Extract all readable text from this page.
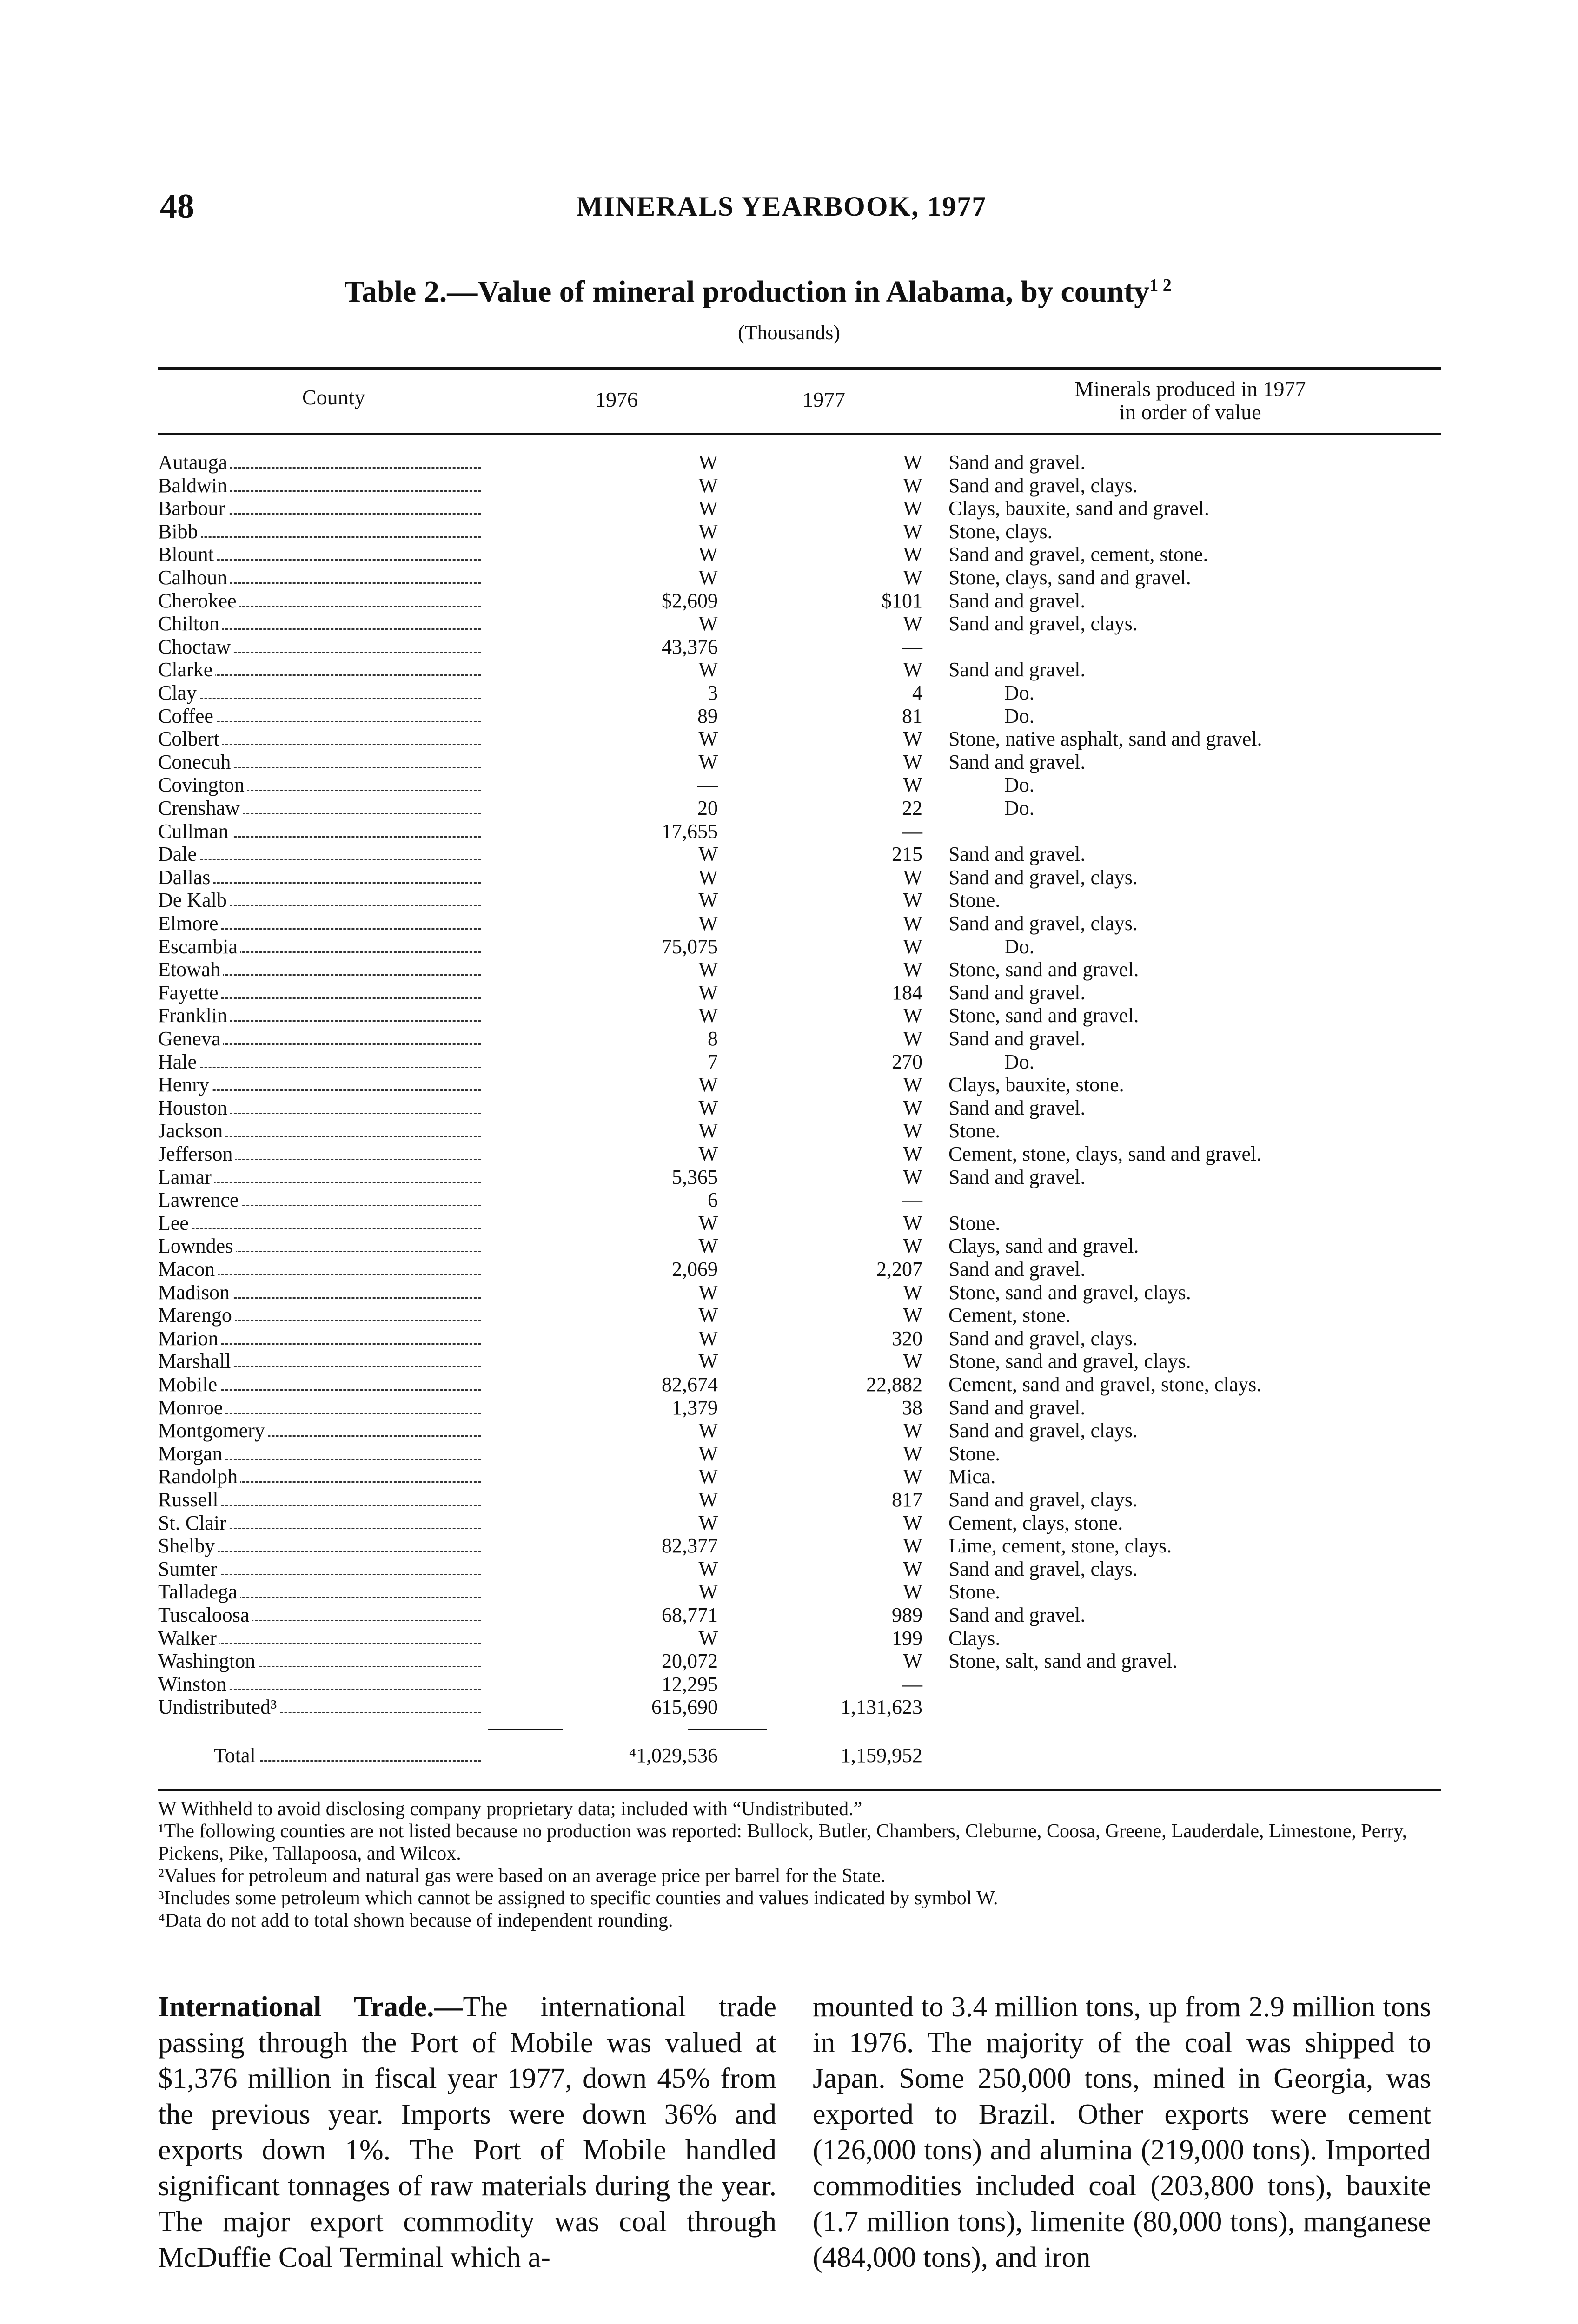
48	MINERALS YEARBOOK, 1977
Table 2.—Value of mineral production in Alabama, by county$^{1 2}$
(Thousands)
County	1976	1977	Minerals produced in 1977
in order of value
Autauga	W	W Sand and gravel.
Baldwin	W	W Sand and gravel, clays.
Barbour	W	W Clays, bauxite, sand and gravel.
Bibb	W	W Stone, clays.
Blount	W	W Sand and gravel, cement, stone.
Calhoun	W	W Stone, clays, sand and gravel.
Cherokee	$2,609	$101 Sand and gravel.
Chilton	W	W Sand and gravel, clays.
Choctaw	43,376	—
Clarke	W	W Sand and gravel.
Clay	3	4	Do.
Coffee	89	81	Do.
Colbert	W	W Stone, native asphalt, sand and gravel.
Conecuh	W	W Sand and gravel.
Covington	—	W	Do.
Crenshaw	20	22	Do.
Cullman	17,655	—
Dale	W	215 Sand and gravel.
Dallas	W	W Sand and gravel, clays.
De Kalb	W	W Stone.
Elmore	W	W Sand and gravel, clays.
Escambia	75,075	W	Do.
Etowah	W	W Stone, sand and gravel.
Fayette	W	184 Sand and gravel.
Franklin	W	W Stone, sand and gravel.
Geneva	8	W Sand and gravel.
Hale	7	270	Do.
Henry	W	W Clays, bauxite, stone.
Houston	W	W Sand and gravel.
Jackson	W	W Stone.
Jefferson	W	W Cement, stone, clays, sand and gravel.
Lamar	5,365	W Sand and gravel.
Lawrence	6	—
Lee	W	W Stone.
Lowndes	W	W Clays, sand and gravel.
Macon	2,069	2,207 Sand and gravel.
Madison	W	W Stone, sand and gravel, clays.
Marengo	W	W Cement, stone.
Marion	W	320 Sand and gravel, clays.
Marshall	W	W Stone, sand and gravel, clays.
Mobile	82,674	22,882 Cement, sand and gravel, stone, clays.
Monroe	1,379	38 Sand and gravel.
Montgomery	W	W Sand and gravel, clays.
Morgan	W	W Stone.
Randolph	W	W Mica.
Russell	W	817 Sand and gravel, clays.
St. Clair	W	W Cement, clays, stone.
Shelby	82,377	W Lime, cement, stone, clays.
Sumter	W	W Sand and gravel, clays.
Talladega	W	W Stone.
Tuscaloosa	68,771	989 Sand and gravel.
Walker	W	199 Clays.
Washington	20,072	W Stone, salt, sand and gravel.
Winston	12,295	—
Undistributed³	615,690	1,131,623
Total	⁴1,029,536	1,159,952

W Withheld to avoid disclosing company proprietary data; included with “Undistributed.”

¹The following counties are not listed because no production was reported: Bullock, Butler, Chambers, Cleburne, Coosa, Greene, Lauderdale, Limestone, Perry, Pickens, Pike, Tallapoosa, and Wilcox.

²Values for petroleum and natural gas were based on an average price per barrel for the State.

³Includes some petroleum which cannot be assigned to specific counties and values indicated by symbol W.

⁴Data do not add to total shown because of independent rounding.

International Trade.—The international trade passing through the Port of Mobile was valued at $1,376 million in fiscal year 1977, down 45% from the previous year. Imports were down 36% and exports down 1%. The Port of Mobile handled significant tonnages of raw materials during the year. The major export commodity was coal through McDuffie Coal Terminal which a-

mounted to 3.4 million tons, up from 2.9 million tons in 1976. The majority of the coal was shipped to Japan. Some 250,000 tons, mined in Georgia, was exported to Brazil. Other exports were cement (126,000 tons) and alumina (219,000 tons). Imported commodities included coal (203,800 tons), bauxite (1.7 million tons), limenite (80,000 tons), manganese (484,000 tons), and iron
